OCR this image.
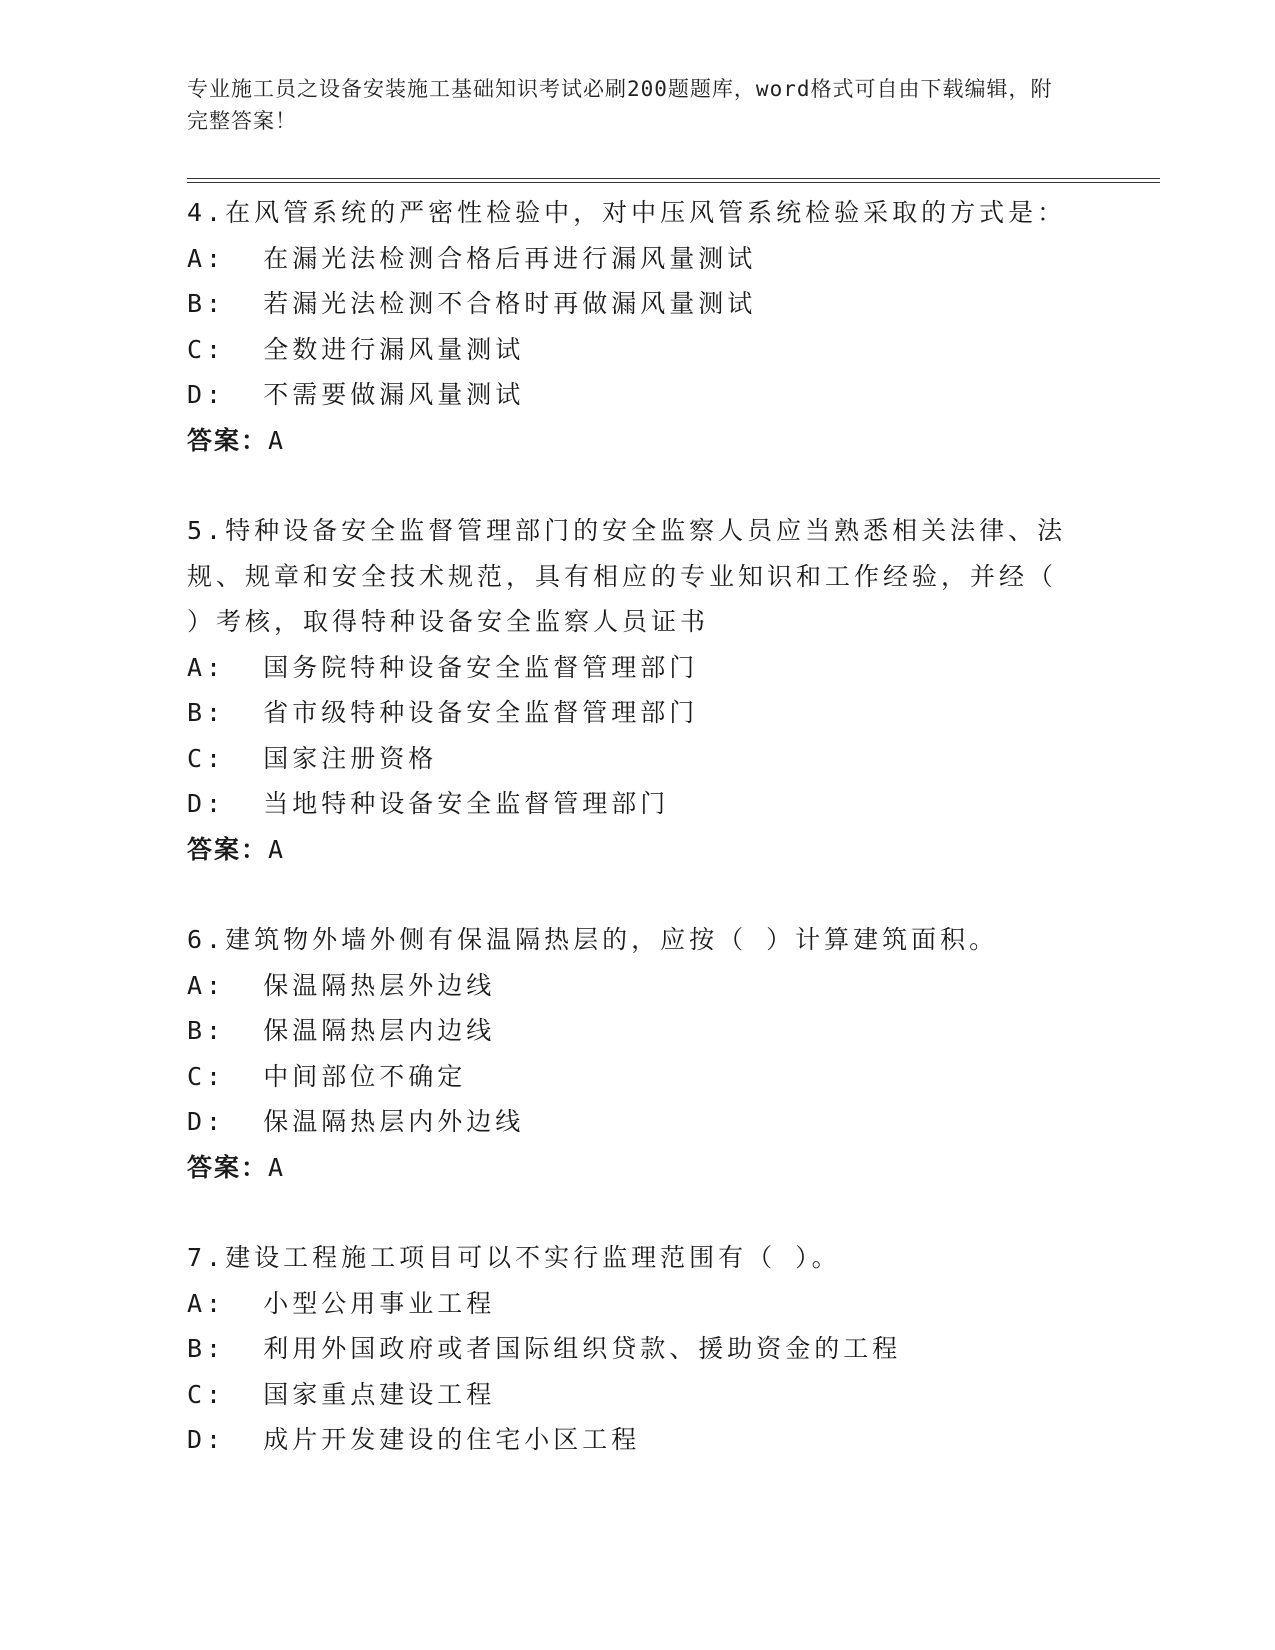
专业施工员之设备安装施工基础知识考试必刷200题题库，word格式可自由下载编辑，附完整答案！
4.在风管系统的严密性检验中，对中压风管系统检验采取的方式是：
A:  在漏光法检测合格后再进行漏风量测试
B:  若漏光法检测不合格时再做漏风量测试
C:  全数进行漏风量测试
D:  不需要做漏风量测试
答案：A
5.特种设备安全监督管理部门的安全监察人员应当熟悉相关法律、法规、规章和安全技术规范，具有相应的专业知识和工作经验，并经（ ）考核，取得特种设备安全监察人员证书
A:  国务院特种设备安全监督管理部门
B:  省市级特种设备安全监督管理部门
C:  国家注册资格
D:  当地特种设备安全监督管理部门
答案：A
6.建筑物外墙外侧有保温隔热层的，应按（ ）计算建筑面积。
A:  保温隔热层外边线
B:  保温隔热层内边线
C:  中间部位不确定
D:  保温隔热层内外边线
答案：A
7.建设工程施工项目可以不实行监理范围有（ ）。
A:  小型公用事业工程
B:  利用外国政府或者国际组织贷款、援助资金的工程
C:  国家重点建设工程
D:  成片开发建设的住宅小区工程
